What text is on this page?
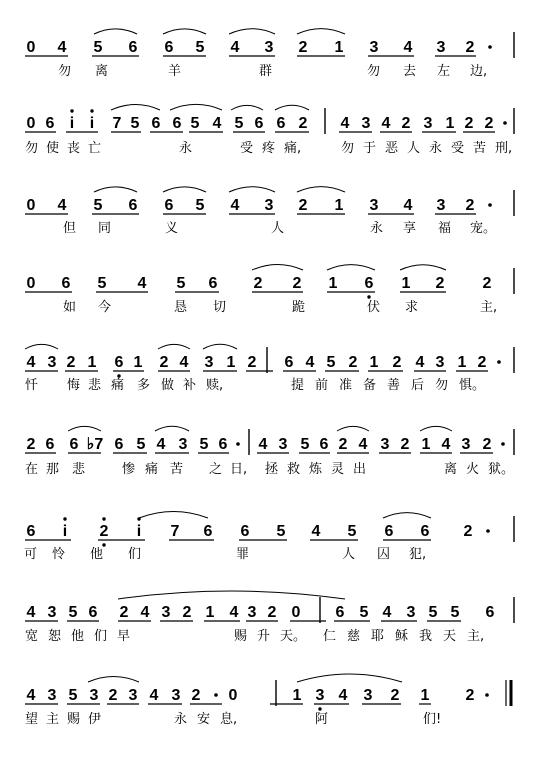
0 4 5 6 6 5 4 3 2 1 3 4 3 2
勿 离	羊	群	勿 去 左 边,
0 6 i i 7 5 6 6 5 4 5 6 6 2 4 3 4 2 3 1 2 2
勿 使 丧 亡	永	受 疼 痛,	勿 于 恶 人 永 受 苦 刑,
0 4 5 6 6 5 4 3 2 1 3 4 3 2
但 同	义	人	永 享 福 宠。
0 6 5 4 5 6 2 2 1 6 1 2 2
如 今	恳 切	跪	伏 求	主,
4 3 2 1 6 1 2 4 3 1 2 6 4 5 2 1 2 4 3 1 2
忏 悔 悲 痛 多 做 补 赎,	提 前 准 备 善 后 勿 惧。
2 6 6 ♭7 6 5 4 3 5 6 4 3 5 6 2 4 3 2 1 4 3 2
在 那 悲	惨 痛 苦 之 日, 拯 救 炼 灵 出	离 火 狱。
6 i 2 i 7 6 6 5 4 5 6 6 2
可 怜 他 们	罪	人 囚 犯,
4 3 5 6 2 4 3 2 1 4 3 2 0 6 5 4 3 5 5 6
宽 恕 他 们 早	赐 升 天。 仁 慈 耶 稣 我 天 主,
4 3 5 3 2 3 4 3 2 0	1 3 4 3 2 1 2
望 主 赐 伊	永 安 息,	阿	们!
